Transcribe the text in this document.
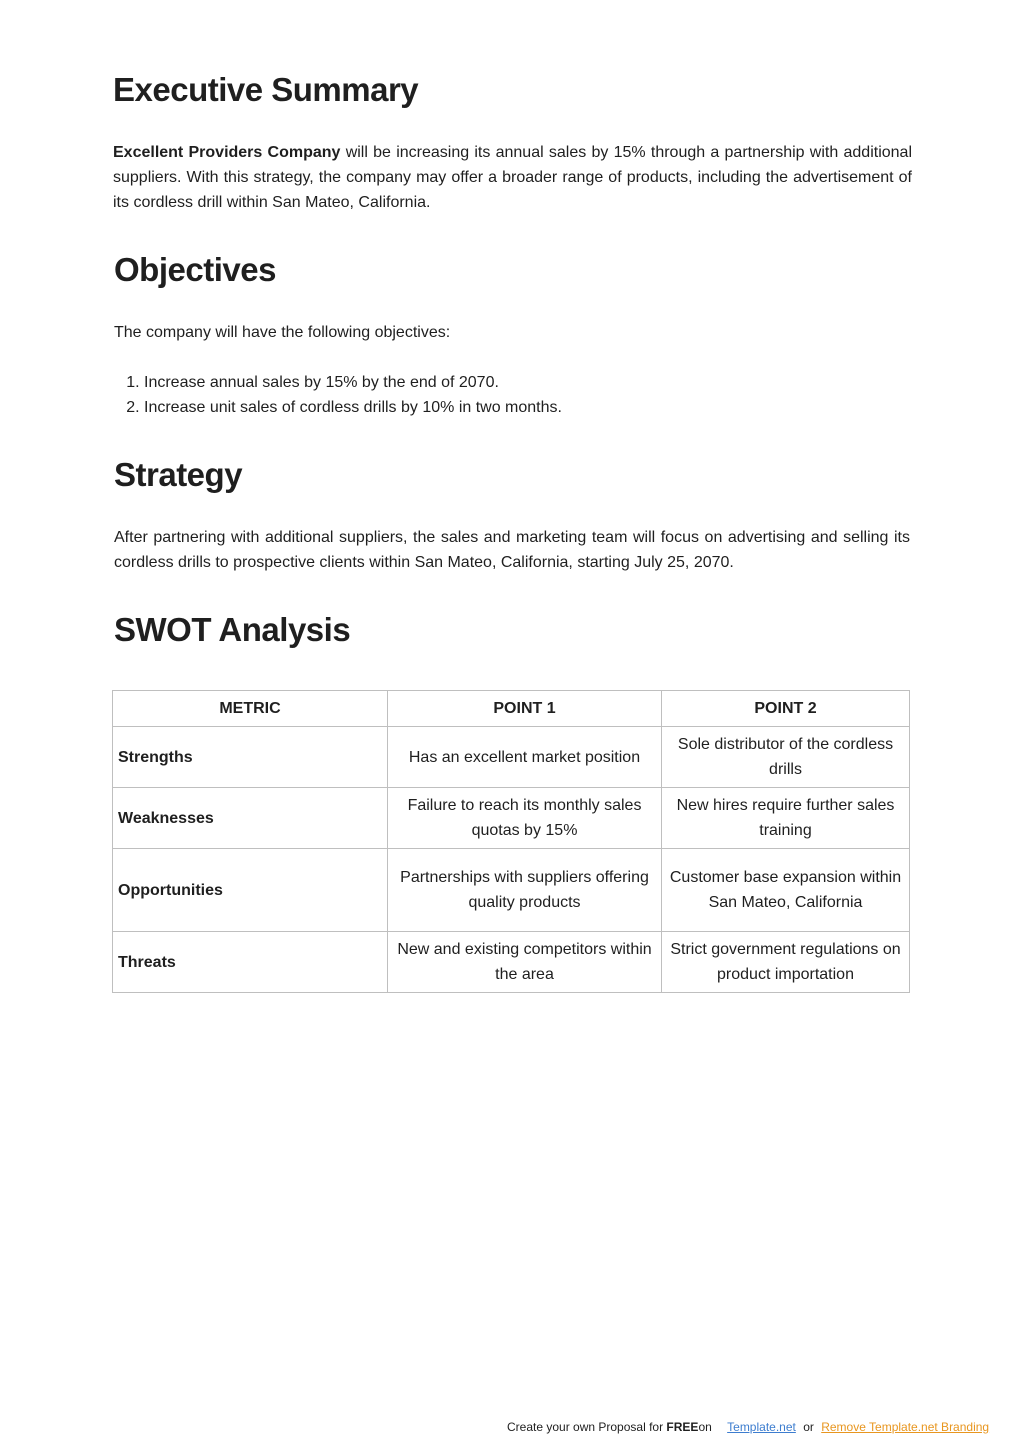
Executive Summary

Excellent Providers Company will be increasing its annual sales by 15% through a partnership with additional suppliers. With this strategy, the company may offer a broader range of products, including the advertisement of its cordless drill within San Mateo, California.

Objectives

The company will have the following objectives:

1. Increase annual sales by 15% by the end of 2070.
2. Increase unit sales of cordless drills by 10% in two months.
Strategy

After partnering with additional suppliers, the sales and marketing team will focus on advertising and selling its cordless drills to prospective clients within San Mateo, California, starting July 25, 2070.

SWOT Analysis
METRIC	POINT 1	POINT 2
Strengths	Has an excellent market position	Sole distributor of the cordless drills
Weaknesses	Failure to reach its monthly sales quotas by 15%	New hires require further sales training
Opportunities	Partnerships with suppliers offering quality products	Customer base expansion within San Mateo, California
Threats	New and existing competitors within the area	Strict government regulations on product importation
Create your own Proposal for FREEon Template.net or Remove Template.net Branding
